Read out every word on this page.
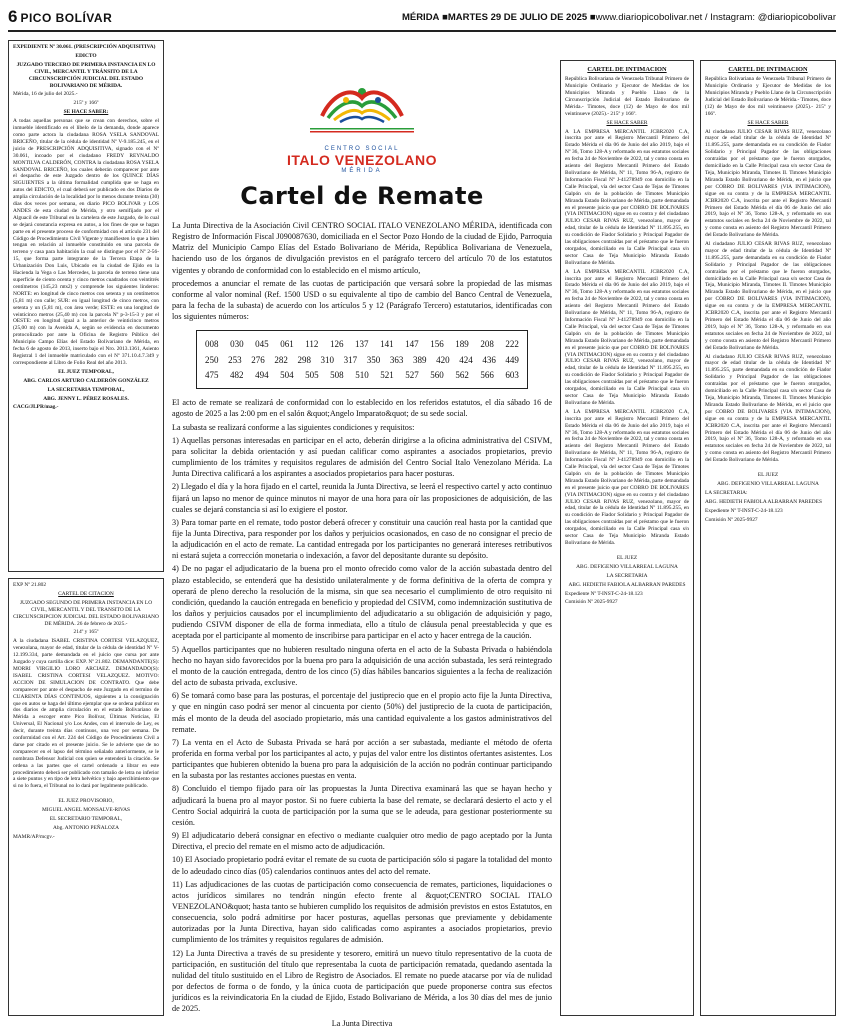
6 PICO BOLÍVAR	MÉRIDA ■MARTES 29 DE JULIO DE 2025 ■www.diariopicobolivar.net / Instagram: @diariopicobolivar

EXPEDIENTE Nº 30.061. (PRESCRIPCIÓN ADQUISITIVA)

EDICTO

JUZGADO TERCERO DE PRIMERA INSTANCIA EN LO CIVIL, MERCANTIL Y TRÁNSITO DE LA CIRCUNSCRIPCIÓN JUDICIAL DEL ESTADO BOLIVARIANO DE MÉRIDA.

Mérida, 16 de julio del 2025.-

215º y 166º

SE HACE SABER:

A todas aquellas personas que se crean con derechos, sobre el inmueble identificado en el libelo de la demanda, donde aparece como parte actora la ciudadana ROSA YSELA SANDOVAL BRICEÑO, titular de la cédula de identidad Nº V-9.185.245, en el juicio de PRESCRIPCIÓN ADQUISITIVA, signado con el Nº 30.061, incoado por el ciudadano FREDY REYNALDO MONTILVA CALDERÓN, CONTRA la ciudadana ROSA YSELA SANDOVAL BRICEÑO, los cuales deberán comparecer por ante el despacho de este Juzgado dentro de los QUINCE DÍAS SIGUIENTES a la última formalidad cumplida que se haga en autos del EDICTO, el cual deberá ser publicado en dos Diarios de amplia circulación de la localidad por lo menos durante treinta (30) días dos veces por semana, en diario PICO BOLIVAR y LOS ANDES de esta ciudad de Mérida, y otro semifijado por el Alguacil de este Tribunal en la cartelera de este Juzgado, de lo cual se dejará constancia expresa en autos, a los fines de que se hagan parte en el presente proceso de conformidad con el artículo 231 del Código de Procedimiento Civil Vigente y manifiesten lo que a bien tengan en relación al inmueble constituido en una parcela de terreno y casa para habitación la cual se distingue por el Nº 2-56-15, que forma parte integrante de la Tercera Etapa de la Urbanización Don Luis, Ubicado en la ciudad de Ejido en la Hacienda la Vega o Las Mercedes, la parcela de terreno tiene una superficie de ciento ocenta y cinco metros cuadrados con veintitrés centímetros (145,23 mts2) y comprende los siguientes linderos: NORTE: en longitud de cinco metros con setenta y un centímetros (5,81 m) con calle; SUR: en igual longitud de cinco metros, con setenta y un (5,81 m), con área verde; ESTE: en una longitud de veinticinco metros (25,40 m) con la parcela Nº p-3-15-3 y por el OESTE: en longitud igual a la anterior de veinticinco metros (25,00 m) con la Avenida A, según se evidencia en documento protocolizado por ante la Oficina de Registro Público del Municipio Campo Elías del Estado Bolivariano de Mérida, en fecha 6 de agosto de 2013, inserto bajo el Nro. 2013.1361, Asiento Registral 1 del inmueble matriculado con el Nº 371.10.4.7.349 y correspondiente al Libro de Folio Real del año 2013.

EL JUEZ TEMPORAL,

ABG. CARLOS ARTURO CALDERÓN GONZÁLEZ

LA SECRETARIA TEMPORAL,

ABG. JENNY L. PÉREZ ROSALES.

CACG/JLPR/mag.-

EXP Nº 21.802

CARTEL DE CITACION

JUZGADO SEGUNDO DE PRIMERA INSTANCIA EN LO CIVIL, MERCANTIL Y DEL TRANSITO DE LA CIRCUNSCRIPCION JUDICIAL DEL ESTADO BOLIVARIANO DE MÉRIDA. 26 de febrero de 2025.-

214º y 165º

A la ciudadana ISABEL CRISTINA CORTESI VELAZQUEZ, venezolana, mayor de edad, titular de la cédula de identidad Nº V-12.199.334, parte demandada en el juicio que cursa por ante Juzgado y cuya cartilla dice: EXP. Nº 21.802. DEMANDANTE(S): MORRI VIRGILIO LORO ARCIAEZ. DEMANDADO(S): ISABEL CRISTINA CORTESI VELAZQUEZ. MOTIVO: ACCION DE SIMULACION DE CONTRATO. Que debe comparecer por ante el despacho de este Juzgado en el termino de CUARENTA DÍAS CONTINUOS, siguientes a la consignación que en autos se haga del último ejemplar que se ordena publicar en dos diarios de amplia circulación en el estado Bolivariano de Mérida a escoger entre Pico Bolívar, Últimas Noticias, El Universal, El Nacional y/o Los Andes, con el intervalo de Ley, es decir, durante treinta días continuos, una vez por semana. De conformidad con el Art. 224 del Código de Procedimiento Civil a darse por citado en el presente juicio. Se le advierte que de no comparecer en el lapso del término señalado anteriormente, se le nombrara Defensor Judicial con quien se entenderá la citación. Se ordena a las partes que el cartel ordenado a librar en este procedimiento deberá ser publicado con tamaño de letra no inferior a siete puntos y en tipo de letra helvético y bajo apercibimiento que si no lo fuera, el Tribunal no lo dará por legalmente publicado.

EL JUEZ PROVISORIO,

MIGUEL ANGEL MONSALVE-RIVAS

EL SECRETARIO TEMPORAL,

Abg. ANTONIO PEÑALOZA

MAMR/AP/mcgv.-

CENTRO SOCIAL
ITALO VENEZOLANO
MÉRIDA
Cartel de Remate

La Junta Directiva de la Asociación Civil CENTRO SOCIAL ITALO VENEZOLANO MÉRIDA, identificada con Registro de Información Fiscal J090087630, domiciliada en el Sector Pozo Hondo de la ciudad de Ejido, Parroquia Matriz del Municipio Campo Elías del Estado Bolivariano de Mérida, República Bolivariana de Venezuela, haciendo uso de los órganos de divulgación previstos en el parágrafo tercero del artículo 70 de los estatutos vigentes y obrando de conformidad con lo establecido en el mismo artículo,

procedemos a anunciar el remate de las cuotas de participación que versará sobre la propiedad de las mismas conforme al valor nominal (Ref. 1500 USD o su equivalente al tipo de cambio del Banco Central de Venezuela, para la fecha de la subasta) de acuerdo con los artículos 5 y 12 (Parágrafo Tercero) estatutarios, identificadas con los siguientes números:

008 030 045 061 112 126 137 141 147 156 189 208 222
250 253 276 282 298 310 317 350 363 389 420 424 436 449
475 482 494 504 505 508 510 521 527 560 562 566 603

El acto de remate se realizará de conformidad con lo establecido en los referidos estatutos, el día sábado 16 de agosto de 2025 a las 2:00 pm en el salón &quot;Angelo Imparato&quot; de su sede social.

La subasta se realizará conforme a las siguientes condiciones y requisitos:

1) Aquellas personas interesadas en participar en el acto, deberán dirigirse a la oficina administrativa del CSIVM, para solicitar la debida orientación y así puedan calificar como aspirantes a asociados propietarios, previo cumplimiento de los trámites y requisitos regulares de admisión del Centro Social Italo Venezolano Mérida. La Junta Directiva calificará a los aspirantes a asociados propietarios para hacer posturas.

2) Llegado el día y la hora fijado en el cartel, reunida la Junta Directiva, se leerá el respectivo cartel y acto continuo fijará un lapso no menor de quince minutos ni mayor de una hora para oír las proposiciones de adquisición, de las cuales se dejará constancia si así lo exigiere el postor.

3) Para tomar parte en el remate, todo postor deberá ofrecer y constituir una caución real hasta por la cantidad que fije la Junta Directiva, para responder por los daños y perjuicios ocasionados, en caso de no consignar el precio de la adjudicación en el acto de remate. La cantidad entregada por los participantes no generará intereses retributivos ni estará sujeta a corrección monetaria o indexación, a favor del depositante durante su depósito.

4) De no pagar el adjudicatario de la buena pro el monto ofrecido como valor de la acción subastada dentro del plazo establecido, se entenderá que ha desistido unilateralmente y de forma definitiva de la oferta de compra y operará de pleno derecho la resolución de la misma, sin que sea necesario el cumplimiento de otro requisito ni condición, quedando la caución entregada en beneficio y propiedad del CSIVM, como indemnización sustitutiva de los daños y perjuicios causados por el incumplimiento del adjudicatario a su obligación de adquisición y pago, pudiendo CSIVM disponer de ella de forma inmediata, ello a título de cláusula penal preestablecida y que es aceptada por el participante al momento de inscribirse para participar en el acto y hacer entrega de la caución.

5) Aquellos participantes que no hubieren resultado ninguna oferta en el acto de la Subasta Privada o habiéndola hecho no hayan sido favorecidos por la buena pro para la adquisición de una acción subastada, les será reintegrado el monto de la caución entregada, dentro de los cinco (5) días hábiles bancarios siguientes a la fecha de realización del acto de subasta privada, exclusive.

6) Se tomará como base para las posturas, el porcentaje del justiprecio que en el propio acto fije la Junta Directiva, y que en ningún caso podrá ser menor al cincuenta por ciento (50%) del justiprecio de la cuota de participación, más el monto de la deuda del asociado propietario, más una cantidad equivalente a los gastos administrativos del remate.

7) La venta en el Acto de Subasta Privada se hará por acción a ser subastada, mediante el método de oferta proferida en forma verbal por los participantes al acto, y pujas del valor entre los distintos ofertantes asistentes. Los participantes que hubieren obtenido la buena pro para la adquisición de la acción no podrán continuar participando en la subasta por las restantes acciones puestas en venta.

8) Concluido el tiempo fijado para oír las propuestas la Junta Directiva examinará las que se hayan hecho y adjudicará la buena pro al mayor postor. Si no fuere cubierta la base del remate, se declarará desierto el acto y el Centro Social adquirirá la cuota de participación por la suma que se le adeuda, para gestionar posteriormente su cesión.

9) El adjudicatario deberá consignar en efectivo o mediante cualquier otro medio de pago aceptado por la Junta Directiva, el precio del remate en el mismo acto de adjudicación.

10) El Asociado propietario podrá evitar el remate de su cuota de participación sólo si pagare la totalidad del monto de lo adeudado cinco días (05) calendarios continuos antes del acto del remate.

11) Las adjudicaciones de las cuotas de participación como consecuencia de remates, particiones, liquidaciones o actos jurídicos similares no tendrán ningún efecto frente al &quot;CENTRO SOCIAL ITALO VENEZOLANO&quot; hasta tanto se hubieren cumplido los requisitos de admisión previstos en estos Estatutos, en consecuencia, solo podrá admitirse por hacer posturas, aquellas personas que previamente y debidamente autorizadas por la Junta Directiva, hayan sido calificadas como aspirantes a asociados propietarios, previo cumplimiento de los trámites y requisitos regulares de admisión.

12) La Junta Directiva a través de su presidente y tesorero, emitirá un nuevo título representativo de la cuota de participación, en sustitución del título que representaba la cuota de participación rematada, quedando asentada la nulidad del título sustituido en el Libro de Registro de Asociados. El remate no puede atacarse por vía de nulidad por defectos de forma o de fondo, y la única cuota de participación que puede proponerse contra sus efectos jurídicos es la reivindicatoria En la ciudad de Ejido, Estado Bolivariano de Mérida, a los 30 días del mes de junio de 2025.

La Junta Directiva

CARTEL DE INTIMACION

República Bolivariana de Venezuela Tribunal Primero de Municipio Ordinario y Ejecutor de Medidas de los Municipios Miranda y Pueblo Llano de la Circunscripción Judicial del Estado Bolivariano de Mérida.- Timotes, doce (12) de Mayo de dos mil veintinueve (2025).- 215º y 166º.

SE HACE SABER

A LA EMPRESA MERCANTIL JCBR2020 C.A, inscrita por ante el Registro Mercantil Primero del Estado Mérida el día 06 de Junio del año 2019, bajo el Nº 36, Tomo 128-A y reformado en sus estatutos sociales en fecha 24 de Noviembre de 2022, tal y como consta en asiento del Registro Mercantil Primero del Estado Bolivariano de Mérida, Nº 11, Tomo 96-A, registro de Información Fiscal Nº J-41278949 con domicilio en la Calle Principal, vía del sector Casa de Tejas de Timotes Galpón s/n de la población de Timotes Municipio Miranda Estado Bolivariano de Mérida, parte demandada en el presente juicio que por COBRO DE BOLIVARES (VIA INTIMACION) sigue en su contra y del ciudadano JULIO CESAR RIVAS RUZ, venezolano, mayor de edad, titular de la cédula de Identidad Nº 11.895.255, en su condición de Fiador Solidario y Principal Pagador de las obligaciones contraídas por el préstamo que le fueron otorgados, domiciliado en la Calle Principal casa s/n sector Casa de Teja Municipio Miranda Estado Bolivariano de Mérida.

A LA EMPRESA MERCANTIL JCBR2020 C.A, inscrita por ante el Registro Mercantil Primero del Estado Mérida el día 06 de Junio del año 2019, bajo el Nº 36, Tomo 128-A y reformado en sus estatutos sociales en fecha 24 de Noviembre de 2022, tal y como consta en asiento del Registro Mercantil Primero del Estado Bolivariano de Mérida, Nº 11, Tomo 96-A, registro de Información Fiscal Nº J-41278949 con domicilio en la Calle Principal, vía del sector Casa de Tejas de Timotes Galpón s/n de la población de Timotes Municipio Miranda Estado Bolivariano de Mérida, parte demandada en el presente juicio que por COBRO DE BOLIVARES (VIA INTIMACION) sigue en su contra y del ciudadano JULIO CESAR RIVAS RUZ, venezolano, mayor de edad, titular de la cédula de Identidad Nº 11.895.255, en su condición de Fiador Solidario y Principal Pagador de las obligaciones contraídas por el préstamo que le fueron otorgados, domiciliado en la Calle Principal casa s/n sector Casa de Teja Municipio Miranda Estado Bolivariano de Mérida.

A LA EMPRESA MERCANTIL JCBR2020 C.A, inscrita por ante el Registro Mercantil Primero del Estado Mérida el día 06 de Junio del año 2019, bajo el Nº 36, Tomo 128-A y reformado en sus estatutos sociales en fecha 24 de Noviembre de 2022, tal y como consta en asiento del Registro Mercantil Primero del Estado Bolivariano de Mérida, Nº 11, Tomo 96-A, registro de Información Fiscal Nº J-41278949 con domicilio en la Calle Principal, vía del sector Casa de Tejas de Timotes Galpón s/n de la población de Timotes Municipio Miranda Estado Bolivariano de Mérida, parte demandada en el presente juicio que por COBRO DE BOLIVARES (VIA INTIMACION) sigue en su contra y del ciudadano JULIO CESAR RIVAS RUZ, venezolano, mayor de edad, titular de la cédula de Identidad Nº 11.895.255, en su condición de Fiador Solidario y Principal Pagador de las obligaciones contraídas por el préstamo que le fueron otorgados, domiciliado en la Calle Principal casa s/n sector Casa de Teja Municipio Miranda Estado Bolivariano de Mérida.

EL JUEZ

ABG. DEFIGENIO VILLARREAL LAGUNA

LA SECRETARIA

ABG. HEDIETH FABIOLA ALBARRAN PAREDES

Expediente Nº T-INST-C-24-18.123

Comisión Nº 2025-9927

CARTEL DE INTIMACION

República Bolivariana de Venezuela Tribunal Primero de Municipio Ordinario y Ejecutor de Medidas de los Municipios Miranda y Pueblo Llano de la Circunscripción Judicial del Estado Bolivariano de Mérida.- Timotes, doce (12) de Mayo de dos mil veintinueve (2025).- 215º y 166º.

SE HACE SABER

Al ciudadano JULIO CESAR RIVAS RUZ, venezolano mayor de edad titular de la cédula de Identidad Nº 11.895.255, parte demandada en su condición de Fiador Solidario y Principal Pagador de las obligaciones contraídas por el préstamo que le fueron otorgados, domiciliado en la Calle Principal casa s/n sector Casa de Teja, Municipio Miranda, Timotes II. Timotes Municipio Miranda Estado Bolivariano de Mérida, en el juicio que por COBRO DE BOLIVARES (VIA INTIMACION), sigue en su contra y de la EMPRESA MERCANTIL JCBR2020 C.A, inscrita por ante el Registro Mercantil Primero del Estado Mérida el día 06 de Junio del año 2019, bajo el Nº 36, Tomo 128-A, y reformado en sus estatutos sociales en fecha 24 de Noviembre de 2022, tal y como consta en asiento del Registro Mercantil Primero del Estado Bolivariano de Mérida.

Al ciudadano JULIO CESAR RIVAS RUZ, venezolano mayor de edad titular de la cédula de Identidad Nº 11.895.255, parte demandada en su condición de Fiador Solidario y Principal Pagador de las obligaciones contraídas por el préstamo que le fueron otorgados, domiciliado en la Calle Principal casa s/n sector Casa de Teja, Municipio Miranda, Timotes II. Timotes Municipio Miranda Estado Bolivariano de Mérida, en el juicio que por COBRO DE BOLIVARES (VIA INTIMACION), sigue en su contra y de la EMPRESA MERCANTIL JCBR2020 C.A, inscrita por ante el Registro Mercantil Primero del Estado Mérida el día 06 de Junio del año 2019, bajo el Nº 36, Tomo 128-A, y reformado en sus estatutos sociales en fecha 24 de Noviembre de 2022, tal y como consta en asiento del Registro Mercantil Primero del Estado Bolivariano de Mérida.

Al ciudadano JULIO CESAR RIVAS RUZ, venezolano mayor de edad titular de la cédula de Identidad Nº 11.895.255, parte demandada en su condición de Fiador Solidario y Principal Pagador de las obligaciones contraídas por el préstamo que le fueron otorgados, domiciliado en la Calle Principal casa s/n sector Casa de Teja, Municipio Miranda, Timotes II. Timotes Municipio Miranda Estado Bolivariano de Mérida, en el juicio que por COBRO DE BOLIVARES (VIA INTIMACION), sigue en su contra y de la EMPRESA MERCANTIL JCBR2020 C.A, inscrita por ante el Registro Mercantil Primero del Estado Mérida el día 06 de Junio del año 2019, bajo el Nº 36, Tomo 128-A, y reformado en sus estatutos sociales en fecha 24 de Noviembre de 2022, tal y como consta en asiento del Registro Mercantil Primero del Estado Bolivariano de Mérida.

EL JUEZ

ABG. DEFIGENIO VILLARREAL LAGUNA

LA SECRETARIA:

ABG. HEDIETH FABIOLA ALBARRAN PAREDES

Expediente Nº T-INST-C-24-18.123

Comisión Nº 2025-9927
